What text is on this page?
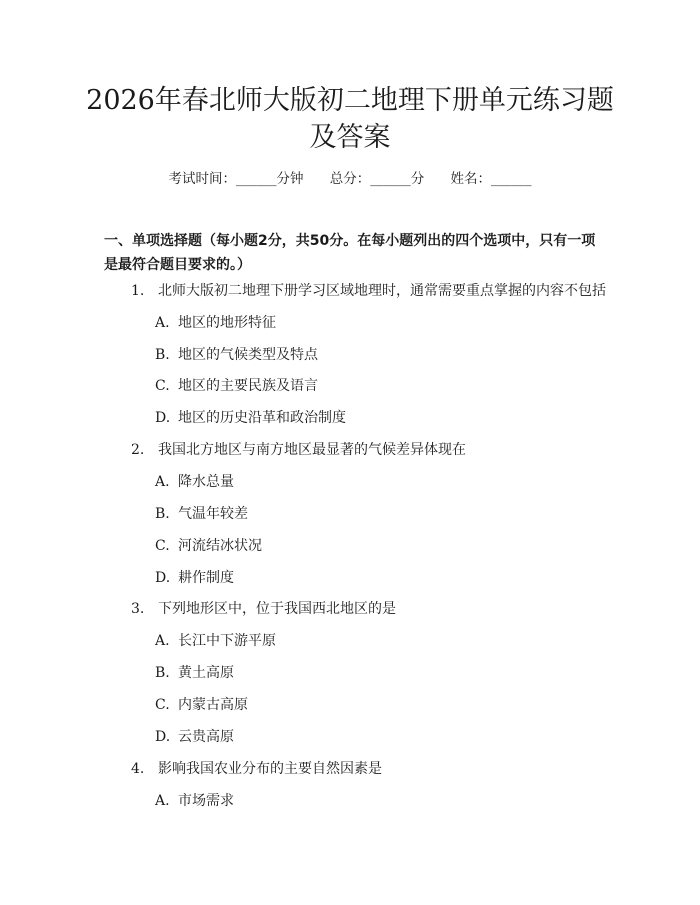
2026年春北师大版初二地理下册单元练习题
及答案
考试时间：______分钟 总分：______分 姓名：______
一、单项选择题（每小题2分，共50分。在每小题列出的四个选项中，只有一项是最符合题目要求的。）
1. 北师大版初二地理下册学习区域地理时，通常需要重点掌握的内容不包括
A. 地区的地形特征
B. 地区的气候类型及特点
C. 地区的主要民族及语言
D. 地区的历史沿革和政治制度
2. 我国北方地区与南方地区最显著的气候差异体现在
A. 降水总量
B. 气温年较差
C. 河流结冰状况
D. 耕作制度
3. 下列地形区中，位于我国西北地区的是
A. 长江中下游平原
B. 黄土高原
C. 内蒙古高原
D. 云贵高原
4. 影响我国农业分布的主要自然因素是
A. 市场需求
